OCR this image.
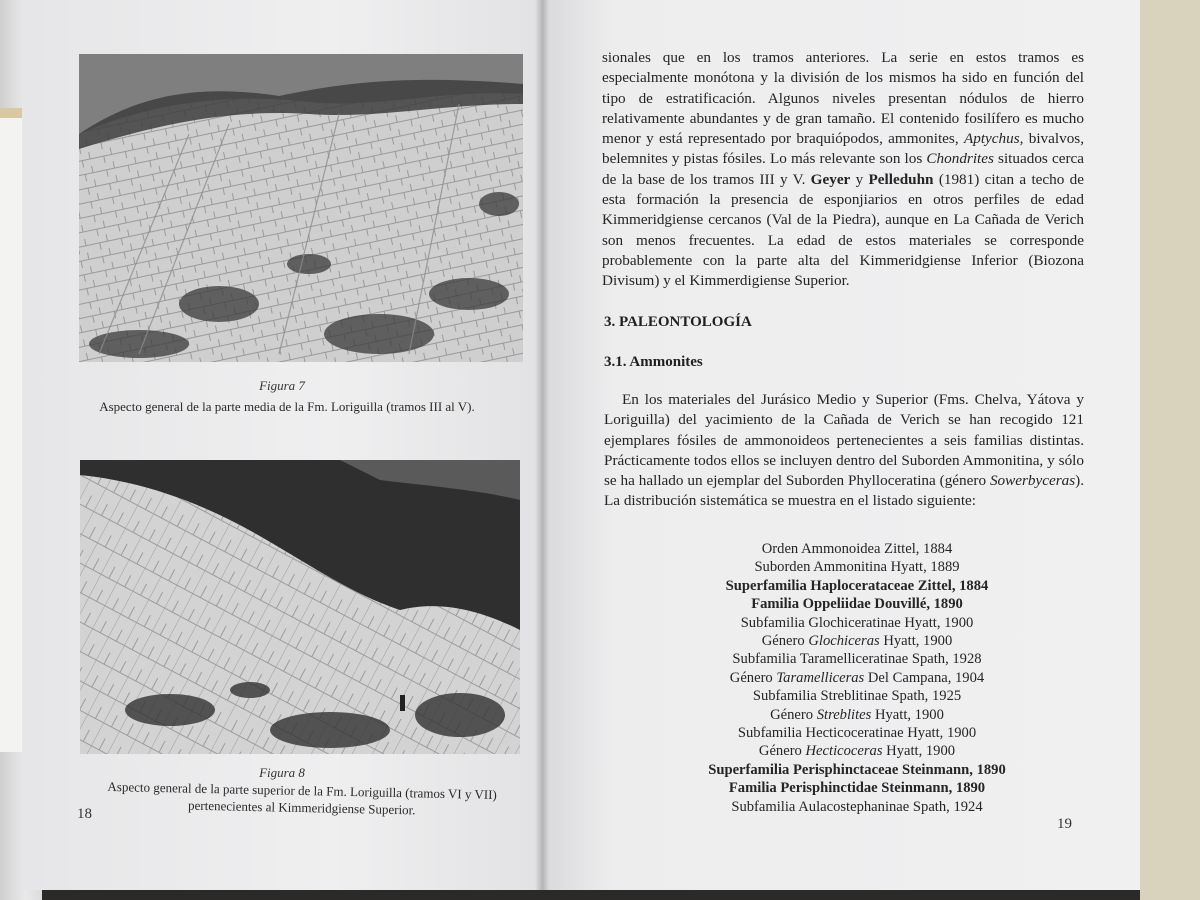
Figura 7
Aspecto general de la parte media de la Fm. Loriguilla (tramos III al V).
Figura 8
Aspecto general de la parte superior de la Fm. Loriguilla (tramos VI y VII) pertenecientes al Kimmeridgiense Superior.
18

sionales que en los tramos anteriores. La serie en estos tramos es especialmente monótona y la división de los mismos ha sido en función del tipo de estratificación. Algunos niveles presentan nódulos de hierro relativamente abundantes y de gran tamaño. El contenido fosilífero es mucho menor y está representado por braquiópodos, ammonites, Aptychus, bivalvos, belemnites y pistas fósiles. Lo más relevante son los Chondrites situados cerca de la base de los tramos III y V. Geyer y Pelleduhn (1981) citan a techo de esta formación la presencia de esponjiarios en otros perfiles de edad Kimmeridgiense cercanos (Val de la Piedra), aunque en La Cañada de Verich son menos frecuentes. La edad de estos materiales se corresponde probablemente con la parte alta del Kimmeridgiense Inferior (Biozona Divisum) y el Kimmerdigiense Superior.

3. PALEONTOLOGÍA
3.1. Ammonites
En los materiales del Jurásico Medio y Superior (Fms. Chelva, Yátova y Loriguilla) del yacimiento de la Cañada de Verich se han recogido 121 ejemplares fósiles de ammonoideos pertenecientes a seis familias distintas. Prácticamente todos ellos se incluyen dentro del Suborden Ammonitina, y sólo se ha hallado un ejemplar del Suborden Phylloceratina (género Sowerbyceras). La distribución sistemática se muestra en el listado siguiente:
Orden Ammonoidea Zittel, 1884
Suborden Ammonitina Hyatt, 1889
Superfamilia Haplocerataceae Zittel, 1884
Familia Oppeliidae Douvillé, 1890
Subfamilia Glochiceratinae Hyatt, 1900
Género Glochiceras Hyatt, 1900
Subfamilia Taramelliceratinae Spath, 1928
Género Taramelliceras Del Campana, 1904
Subfamilia Streblitinae Spath, 1925
Género Streblites Hyatt, 1900
Subfamilia Hecticoceratinae Hyatt, 1900
Género Hecticoceras Hyatt, 1900
Superfamilia Perisphinctaceae Steinmann, 1890
Familia Perisphinctidae Steinmann, 1890
Subfamilia Aulacostephaninae Spath, 1924
19
